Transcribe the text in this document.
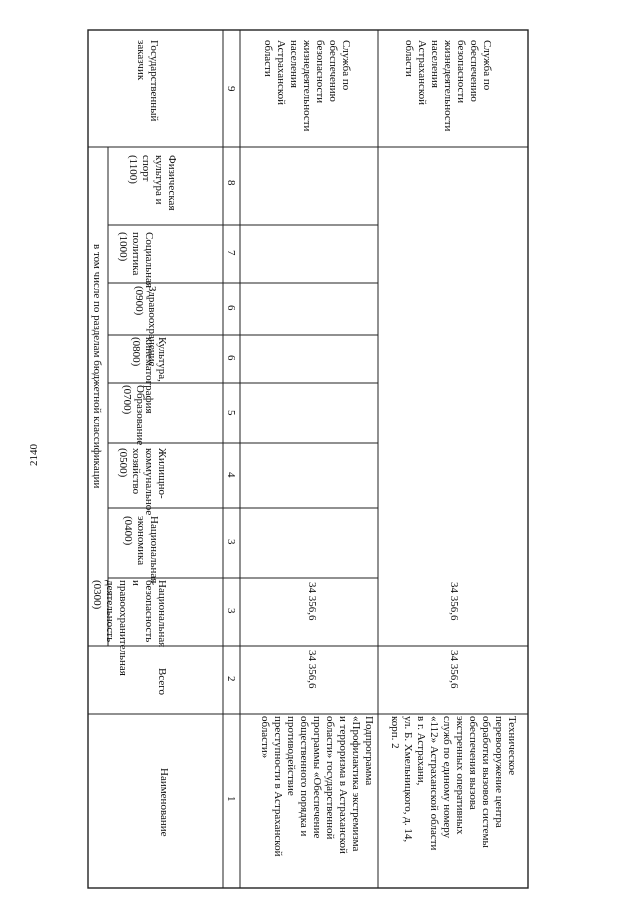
2140
Наименование
Всего
в том числе по разделам бюджетной классификации
Государственный заказчик
Национальная
безопасность и
правоохранительная
деятельность (0300)
Национальная
экономика (0400)
Жилищно-
коммунальное
хозяйство (0500)
Образование (0700)
Культура,
кинематография
(0800) Здравоохранение
(0900)
Социальная
политика (1000)
Физическая
культура и спорт
(1100)
1
2
3
3
4
5
6
6
7
8
9
Подпрограмма
«Профилактика экстремизма
и терроризма в Астраханской
области» государственной
программы «Обеспечение
общественного порядка и
противодействие
преступности в Астраханской
области»
34 356,6
34 356,6
Служба по
обеспечению
безопасности
жизнедеятельности
населения
Астраханской
области
Техническое
перевооружение центра
обработки вызовов системы
обеспечения вызова
экстренных оперативных
служб по единому номеру
«112» Астраханской области
в г. Астрахани,
ул. Б. Хмельницкого, д. 14,
корп. 2
34 356,6
34 356,6
Служба по
обеспечению
безопасности
жизнедеятельности
населения
Астраханской
области
